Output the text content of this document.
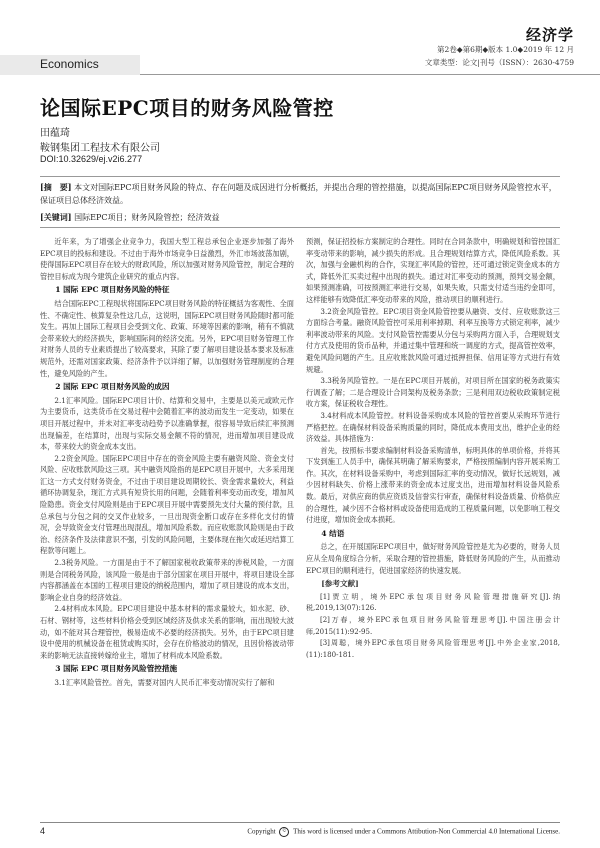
Economics
经济学
第2卷◆第6期◆版本 1.0◆2019 年 12 月
文章类型：论文|刊号（ISSN）：2630-4759
论国际EPC项目的财务风险管控
田蕴琦
鞍钢集团工程技术有限公司
DOI:10.32629/ej.v2i6.277
[摘　要] 本文对国际EPC项目财务风险的特点、存在问题及成因进行分析概括，并提出合理的管控措施，以提高国际EPC项目财务风险管控水平，保证项目总体经济效益。
[关键词] 国际EPC项目；财务风险管控；经济效益

近年来，为了增强企业竞争力，我国大型工程总承包企业逐步加强了海外EPC项目的投标和建设。不过由于海外市场竞争日益激烈，外汇市场波荡加剧，使得国际EPC项目存在较大的财政风险，所以加强对财务风险管控，制定合理的管控目标成为现今建筑企业研究的重点内容。

1 国际 EPC 项目财务风险的特征

结合国际EPC工程现状将国际EPC项目财务风险的特征概括为客观性、全面性、不确定性、核算复杂性这几点，这说明，国际EPC项目财务风险随时都可能发生。再加上国际工程项目会受到文化、政策、环境等因素的影响，稍有不慎就会带来较大的经济损失，影响国际间的经济交流。另外，EPC项目财务管理工作对财务人员的专业素质提出了较高要求，其除了要了解项目建设基本要求及标准规范外，还需对国家政策、经济条件予以详细了解，以加强财务管理制度的合理性，避免风险的产生。

2 国际 EPC 项目财务风险的成因

2.1汇率风险。国际EPC项目计价、结算和交易中，主要是以美元或欧元作为主要货币，这类货币在交易过程中会随着汇率的波动而发生一定变动，如果在项目开展过程中，并未对汇率变动趋势予以准确掌握，很容易导致后续汇率预测出现偏差，在结算时，出现与实际交易金额不符的情况，进而增加项目建设成本，带来较大的资金成本支出。

2.2资金风险。国际EPC项目中存在的资金风险主要有融资风险、资金支付风险、应收账款风险这三项。其中融资风险指的是EPC项目开展中，大多采用现汇这一方式支付财务资金，不过由于项目建设周期较长、资金需求量较大，利益循环协调复杂，现汇方式具有短贷长用的问题，会随着利率变动而改变，增加风险隐患。资金支付风险则是由于EPC项目开展中需要预先支付大量的预付款，且总承包与分包之间的交叉作业较多，一旦出现资金断口或存在多样化支付的情况，会导致资金支付管理出现混乱，增加风险系数。而应收账款风险则是由于政治、经济条件及法律意识不强，引发的风险问题，主要体现在拖欠或延迟结算工程款等问题上。

2.3税务风险。一方面是由于不了解国家税收政策带来的涉税风险，一方面则是合同税务风险，该风险一般是由于部分国家在项目开展中，将项目建设全部内容都涵盖在本国的工程项目建设的纳税范围内，增加了项目建设的成本支出，影响企业自身的经济效益。

2.4材料成本风险。EPC项目建设中基本材料的需求量较大，如水泥、砂、石材、钢材等，这些材料价格会受到区域经济及供求关系的影响，而出现较大波动，如不能对其合理管控，极易造成不必要的经济损失。另外，由于EPC项目建设中使用的机械设备在租赁或购买时，会存在价格波动的情况，且因价格波动带来的影响无法直接转嫁给业主，增加了材料成本风险系数。

3 国际 EPC 项目财务风险管控措施

3.1汇率风险管控。首先，需要对国内人民币汇率变动情况实行了解和

预测，保证招投标方案制定的合理性。同时在合同条款中，明确规划和管控国汇率变动带来的影响，减少损失的形成。且合理规划结算方式，降低风险系数。其次，加强与金融机构的合作，实现汇率风险的管控，还可通过锁定资金成本的方式，降低外汇买卖过程中出现的损失。通过对汇率变动的预测，预判交易金额，如果预测准确，可按预测汇率进行交易，如果失败，只需支付适当违约金即可，这样能够有效降低汇率变动带来的风险，推动项目的顺利进行。

3.2资金风险管控。EPC项目资金风险管控要从融资、支付、应收账款这三方面综合考量。融资风险管控可采用利率掉期、利率互换等方式锁定利率，减少利率波动带来的风险。支付风险管控需要从分包与采购两方面入手，合理规划支付方式及使用的货币品种，并通过集中管理和统一调度的方式，提高管控效率，避免风险问题的产生。且应收账款风险可通过抵押担保、信用证等方式进行有效规避。

3.3税务风险管控。一是在EPC项目开展前，对项目所在国家的税务政策实行调查了解；二是合理设计合同架构及税务条款；三是利用双边税收政策制定税收方案，保证税收合理性。

3.4材料成本风险管控。材料设备采购成本风险的管控首要从采购环节进行严格把控。在确保材料设备采购质量的同时，降低成本费用支出，维护企业的经济效益。具体措施为：

首先，按照标书要求编制材料设备采购清单，标明具体的单项价格，并将其下发到施工人员手中，确保其明确了解采购要求，严格按照编制内容开展采购工作。其次，在材料设备采购中，考虑到国际汇率的变动情况，做好长远规划，减少因材料缺失、价格上涨带来的资金成本过度支出，进而增加材料设备风险系数。最后，对供应商的供应资质及信誉实行审查，确保材料设备质量、价格供应的合理性，减少因不合格材料或设备使用造成的工程质量问题，以免影响工程交付进度，增加资金成本损耗。

4 结语

总之，在开展国际EPC项目中，做好财务风险管控是尤为必要的，财务人员应从全局角度综合分析，采取合理的管控措施，降低财务风险的产生，从而推动EPC项目的顺利进行，促进国家经济的快速发展。

[参考文献]

[1]贾立明，境外EPC承包项目财务风险管理措施研究[J].纳税,2019,13(07):126.

[2]万春，境外EPC承包项目财务风险管理思考[J].中国注册会计师,2015(11):92-95.

[3]周聪，境外EPC承包项目财务风险管理思考[J].中外企业家,2018,(11):180-181.

4	Copyright © This word is licensed under a Commons Attibution-Non Commercial 4.0 International License.
